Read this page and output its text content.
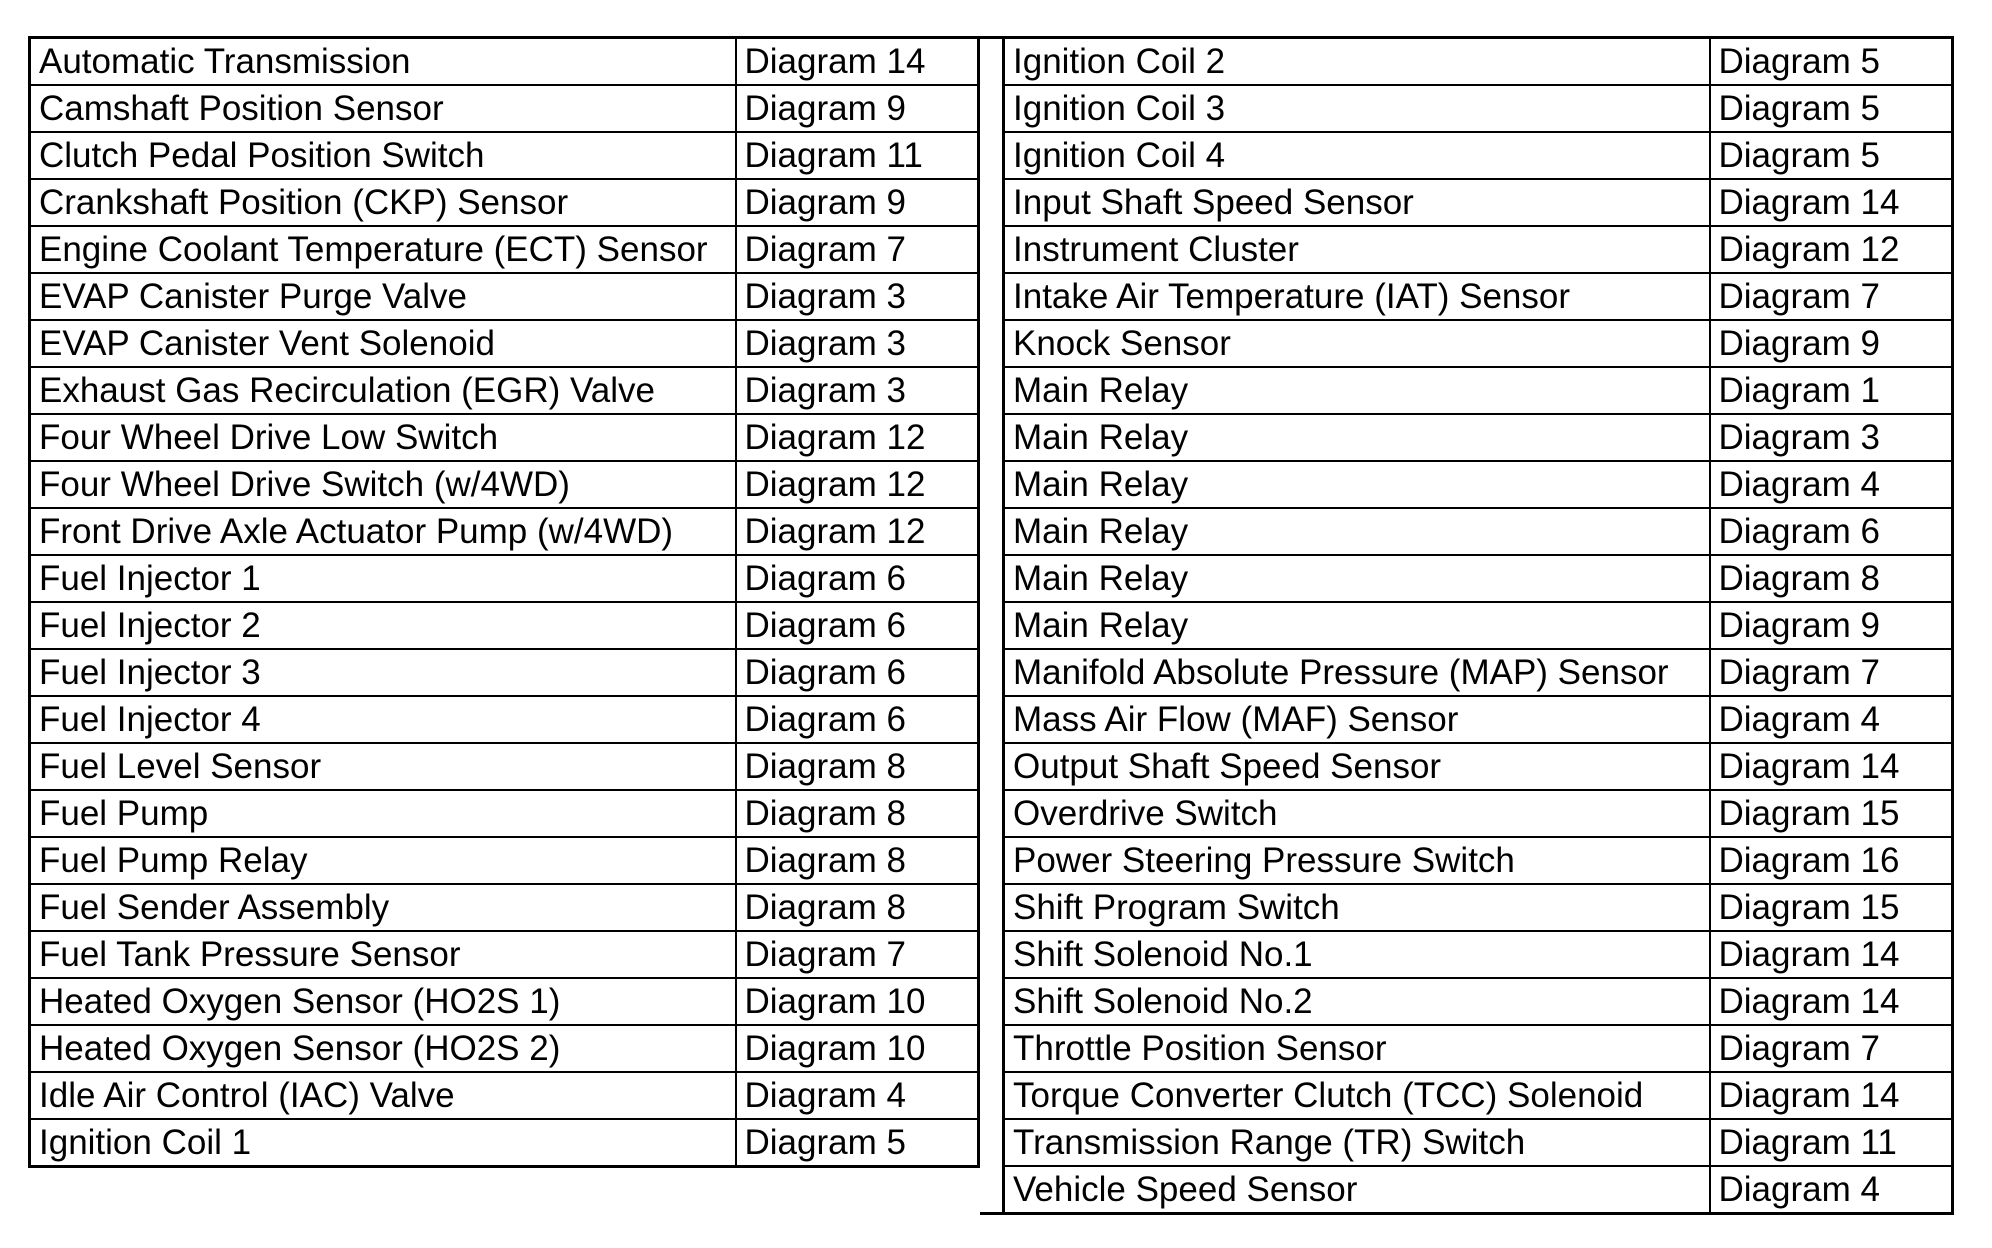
Automatic Transmission	Diagram 14
Camshaft Position Sensor	Diagram 9
Clutch Pedal Position Switch	Diagram 11
Crankshaft Position (CKP) Sensor	Diagram 9
Engine Coolant Temperature (ECT) Sensor	Diagram 7
EVAP Canister Purge Valve	Diagram 3
EVAP Canister Vent Solenoid	Diagram 3
Exhaust Gas Recirculation (EGR) Valve	Diagram 3
Four Wheel Drive Low Switch	Diagram 12
Four Wheel Drive Switch (w/4WD)	Diagram 12
Front Drive Axle Actuator Pump (w/4WD)	Diagram 12
Fuel Injector 1	Diagram 6
Fuel Injector 2	Diagram 6
Fuel Injector 3	Diagram 6
Fuel Injector 4	Diagram 6
Fuel Level Sensor	Diagram 8
Fuel Pump	Diagram 8
Fuel Pump Relay	Diagram 8
Fuel Sender Assembly	Diagram 8
Fuel Tank Pressure Sensor	Diagram 7
Heated Oxygen Sensor (HO2S 1)	Diagram 10
Heated Oxygen Sensor (HO2S 2)	Diagram 10
Idle Air Control (IAC) Valve	Diagram 4
Ignition Coil 1	Diagram 5
Ignition Coil 2	Diagram 5
Ignition Coil 3	Diagram 5
Ignition Coil 4	Diagram 5
Input Shaft Speed Sensor	Diagram 14
Instrument Cluster	Diagram 12
Intake Air Temperature (IAT) Sensor	Diagram 7
Knock Sensor	Diagram 9
Main Relay	Diagram 1
Main Relay	Diagram 3
Main Relay	Diagram 4
Main Relay	Diagram 6
Main Relay	Diagram 8
Main Relay	Diagram 9
Manifold Absolute Pressure (MAP) Sensor	Diagram 7
Mass Air Flow (MAF) Sensor	Diagram 4
Output Shaft Speed Sensor	Diagram 14
Overdrive Switch	Diagram 15
Power Steering Pressure Switch	Diagram 16
Shift Program Switch	Diagram 15
Shift Solenoid No.1	Diagram 14
Shift Solenoid No.2	Diagram 14
Throttle Position Sensor	Diagram 7
Torque Converter Clutch (TCC) Solenoid	Diagram 14
Transmission Range (TR) Switch	Diagram 11
Vehicle Speed Sensor	Diagram 4
